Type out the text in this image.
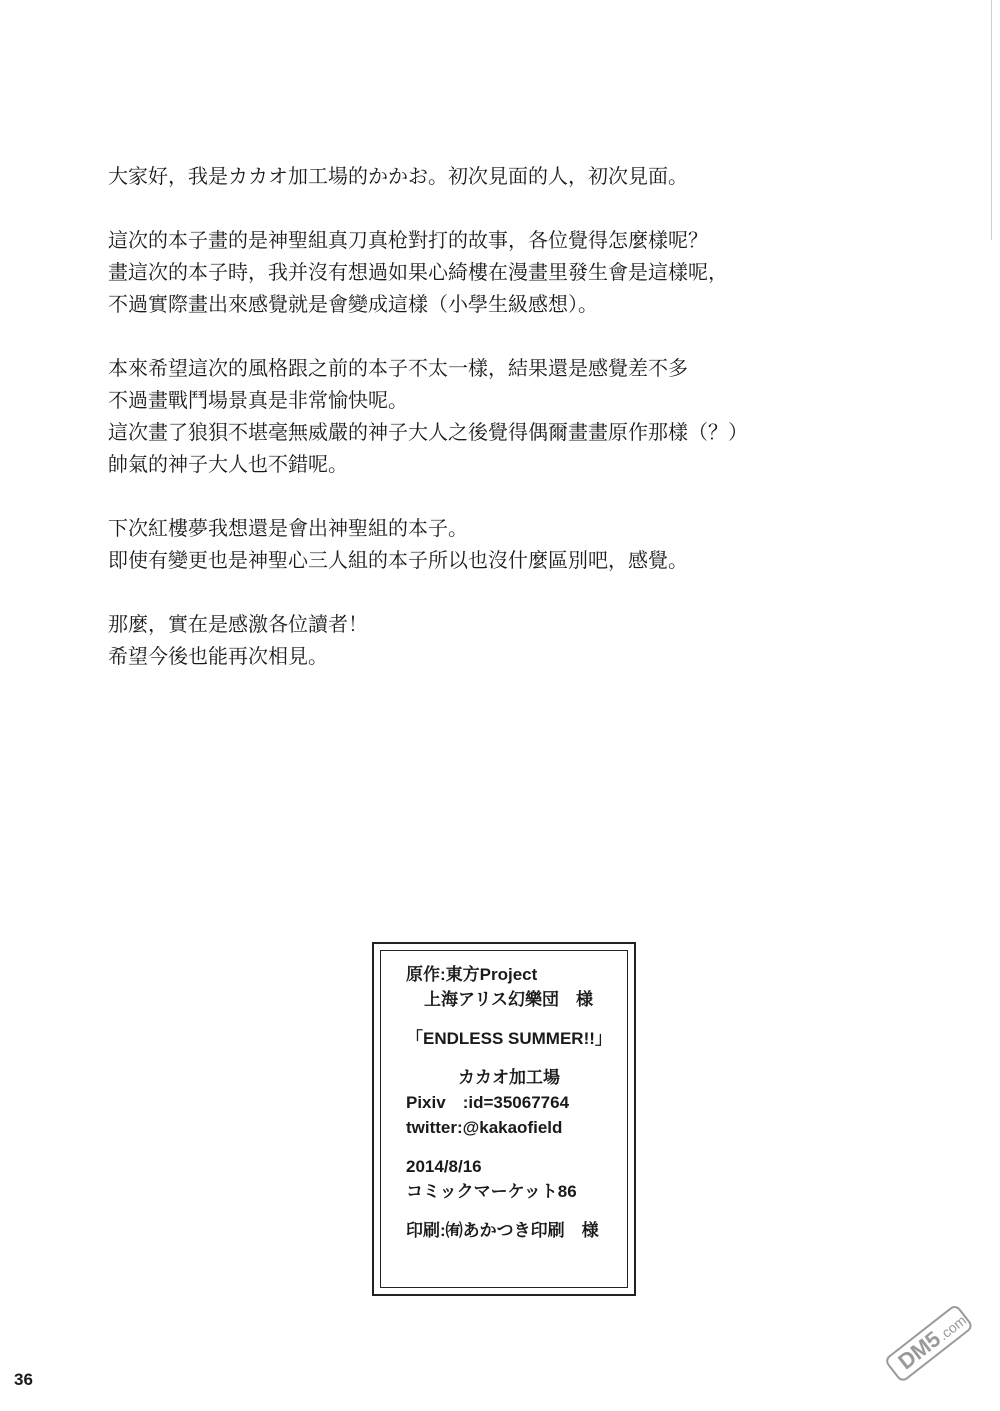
大家好，我是カカオ加工場的かかお。初次見面的人，初次見面。
這次的本子畫的是神聖組真刀真枪對打的故事，各位覺得怎麼樣呢？
畫這次的本子時，我并沒有想過如果心綺樓在漫畫里發生會是這樣呢，
不過實際畫出來感覺就是會變成這樣（小學生級感想）。
本來希望這次的風格跟之前的本子不太一樣，結果還是感覺差不多
不過畫戰鬥場景真是非常愉快呢。
這次畫了狼狽不堪毫無威嚴的神子大人之後覺得偶爾畫畫原作那樣（？）
帥氣的神子大人也不錯呢。
下次紅樓夢我想還是會出神聖組的本子。
即使有變更也是神聖心三人組的本子所以也沒什麼區別吧，感覺。
那麼，實在是感激各位讀者！
希望今後也能再次相見。
原作:東方Project
上海アリス幻樂団　様
「ENDLESS SUMMER!!」
カカオ加工場
Pixiv　:id=35067764
twitter:@kakaofield
2014/8/16
コミックマーケット86
印刷:㈲あかつき印刷　様
36
DM5
.com
